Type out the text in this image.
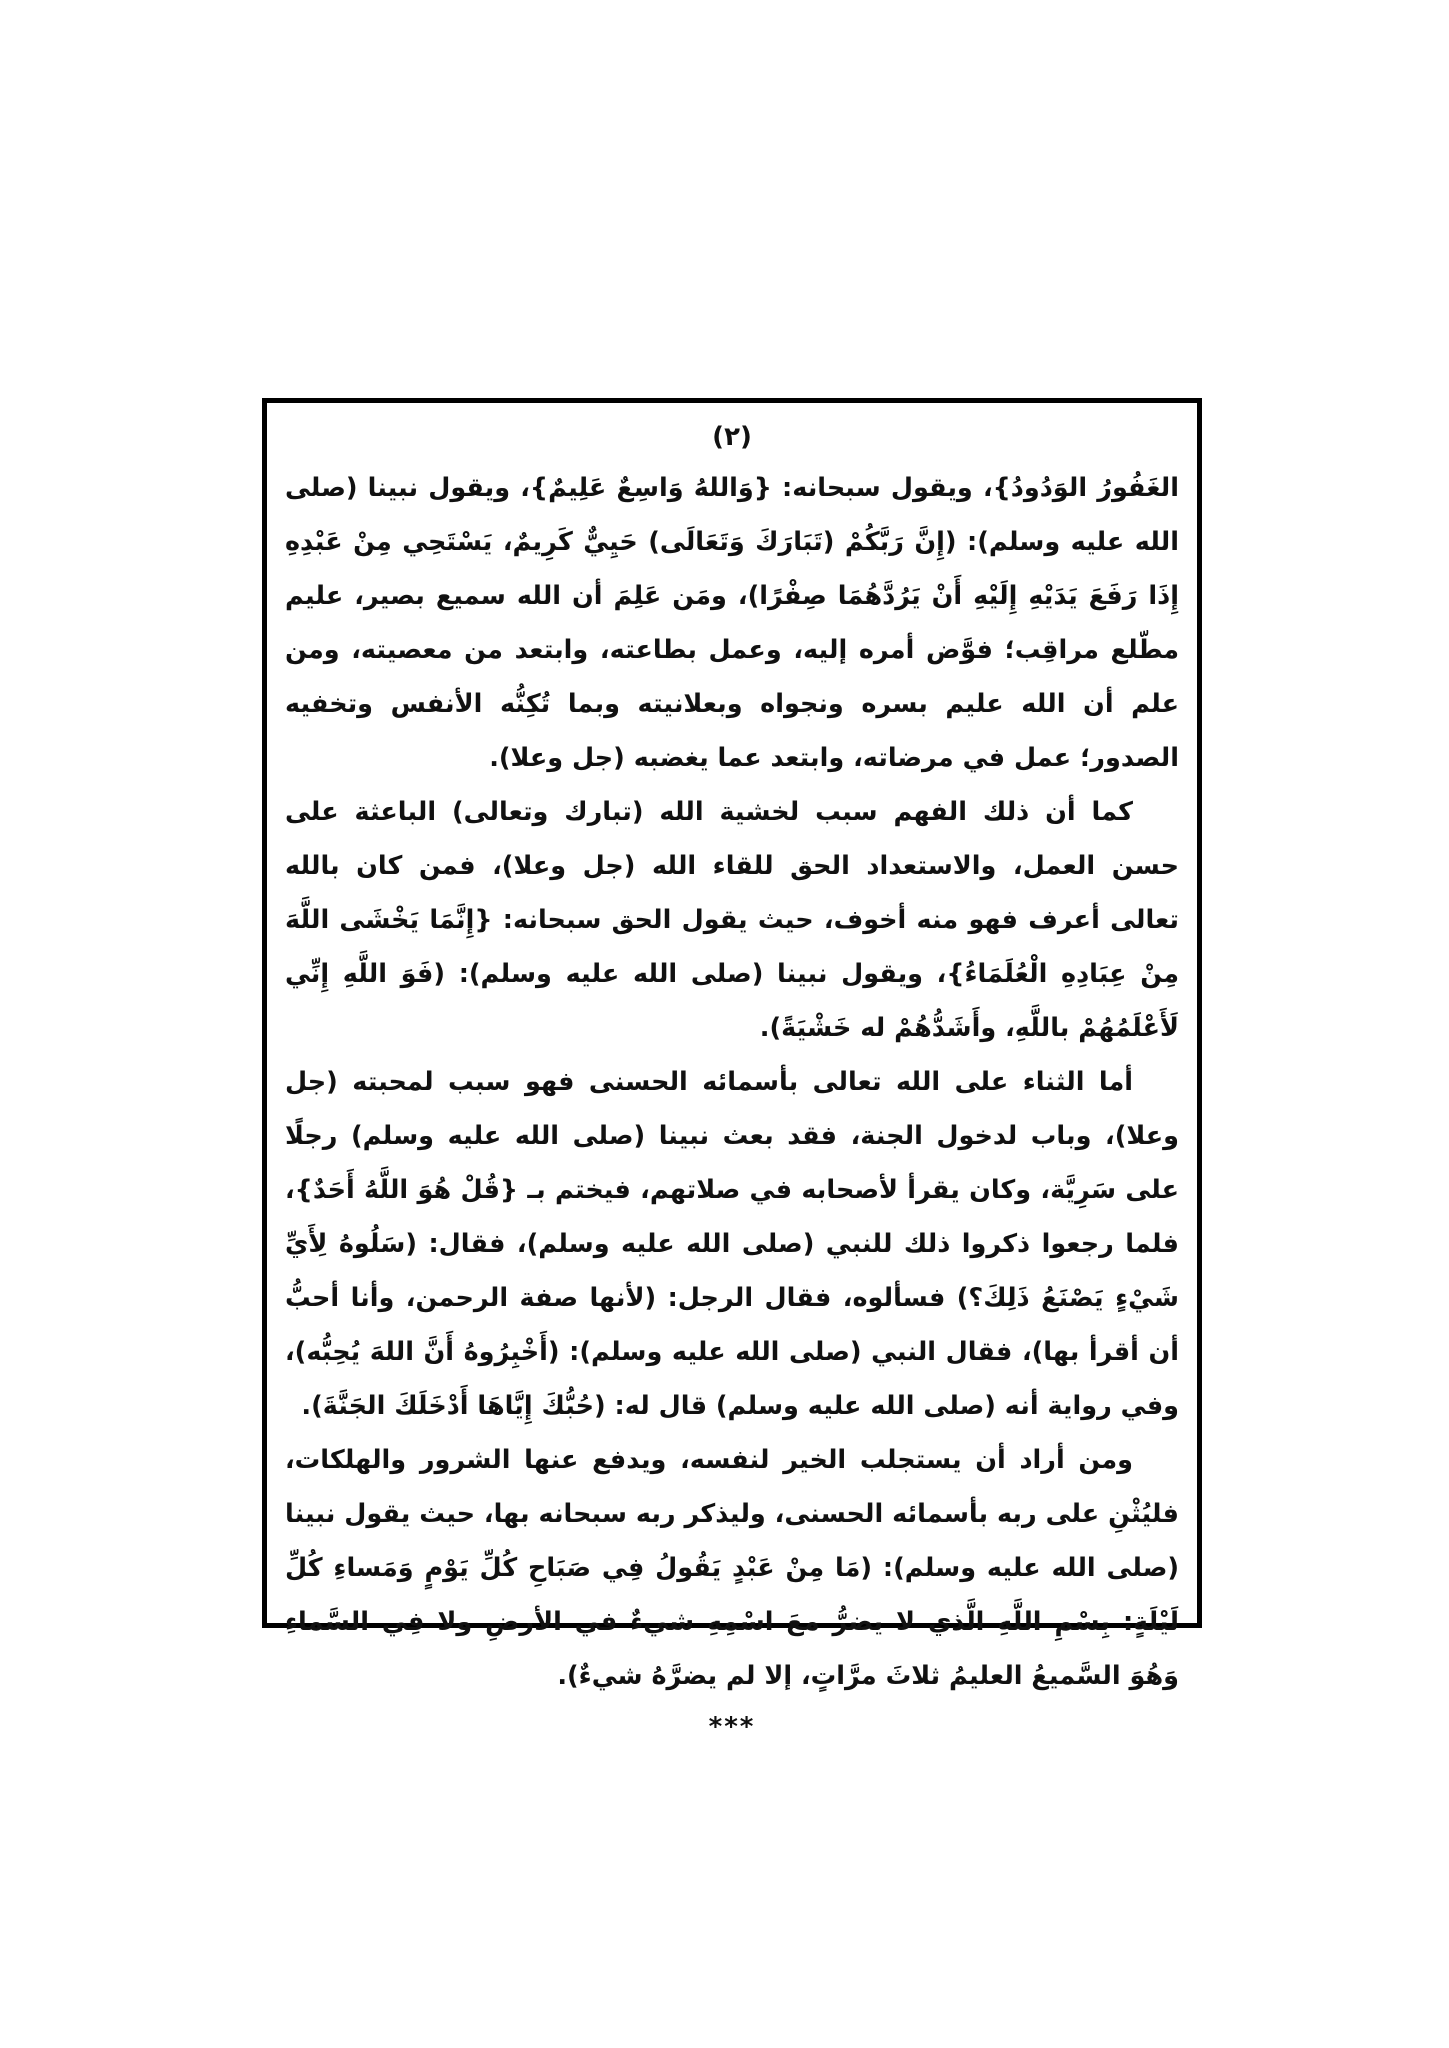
(٢)

الغَفُورُ الوَدُودُ}، ويقول سبحانه: {وَاللهُ وَاسِعٌ عَلِيمٌ}، ويقول نبينا (صلى الله عليه وسلم): (إِنَّ رَبَّكُمْ (تَبَارَكَ وَتَعَالَى) حَيِيٌّ كَرِيمٌ، يَسْتَحِي مِنْ عَبْدِهِ إِذَا رَفَعَ يَدَيْهِ إِلَيْهِ أَنْ يَرُدَّهُمَا صِفْرًا)، ومَن عَلِمَ أن الله سميع بصير، عليم مطّلع مراقِب؛ فوَّض أمره إليه، وعمل بطاعته، وابتعد من معصيته، ومن علم أن الله عليم بسره ونجواه وبعلانيته وبما تُكِنُّه الأنفس وتخفيه الصدور؛ عمل في مرضاته، وابتعد عما يغضبه (جل وعلا).

كما أن ذلك الفهم سبب لخشية الله (تبارك وتعالى) الباعثة على حسن العمل، والاستعداد الحق للقاء الله (جل وعلا)، فمن كان بالله تعالى أعرف فهو منه أخوف، حيث يقول الحق سبحانه: {إِنَّمَا يَخْشَى اللَّهَ مِنْ عِبَادِهِ الْعُلَمَاءُ}، ويقول نبينا (صلى الله عليه وسلم): (فَوَ اللَّهِ إِنِّي لَأَعْلَمُهُمْ باللَّهِ، وأَشَدُّهُمْ له خَشْيَةً).

أما الثناء على الله تعالى بأسمائه الحسنى فهو سبب لمحبته (جل وعلا)، وباب لدخول الجنة، فقد بعث نبينا (صلى الله عليه وسلم) رجلًا على سَرِيَّة، وكان يقرأ لأصحابه في صلاتهم، فيختم بـ {قُلْ هُوَ اللَّهُ أَحَدٌ}، فلما رجعوا ذكروا ذلك للنبي (صلى الله عليه وسلم)، فقال: (سَلُوهُ لِأَيِّ شَيْءٍ يَصْنَعُ ذَلِكَ؟) فسألوه، فقال الرجل: (لأنها صفة الرحمن، وأنا أحبُّ أن أقرأ بها)، فقال النبي (صلى الله عليه وسلم): (أَخْبِرُوهُ أَنَّ اللهَ يُحِبُّه)، وفي رواية أنه (صلى الله عليه وسلم) قال له: (حُبُّكَ إِيَّاهَا أَدْخَلَكَ الجَنَّةَ).

ومن أراد أن يستجلب الخير لنفسه، ويدفع عنها الشرور والهلكات، فليُثْنِ على ربه بأسمائه الحسنى، وليذكر ربه سبحانه بها، حيث يقول نبينا (صلى الله عليه وسلم): (مَا مِنْ عَبْدٍ يَقُولُ فِي صَبَاحِ كُلِّ يَوْمٍ وَمَساءِ كُلِّ لَيْلَةٍ: بِسْمِ اللَّهِ الَّذي لا يضرُّ معَ اسْمِهِ شيءٌ في الأرضِ ولا فِي السَّماءِ وَهُوَ السَّميعُ العليمُ ثلاثَ مرَّاتٍ، إلا لم يضرَّهُ شيءٌ).

***
